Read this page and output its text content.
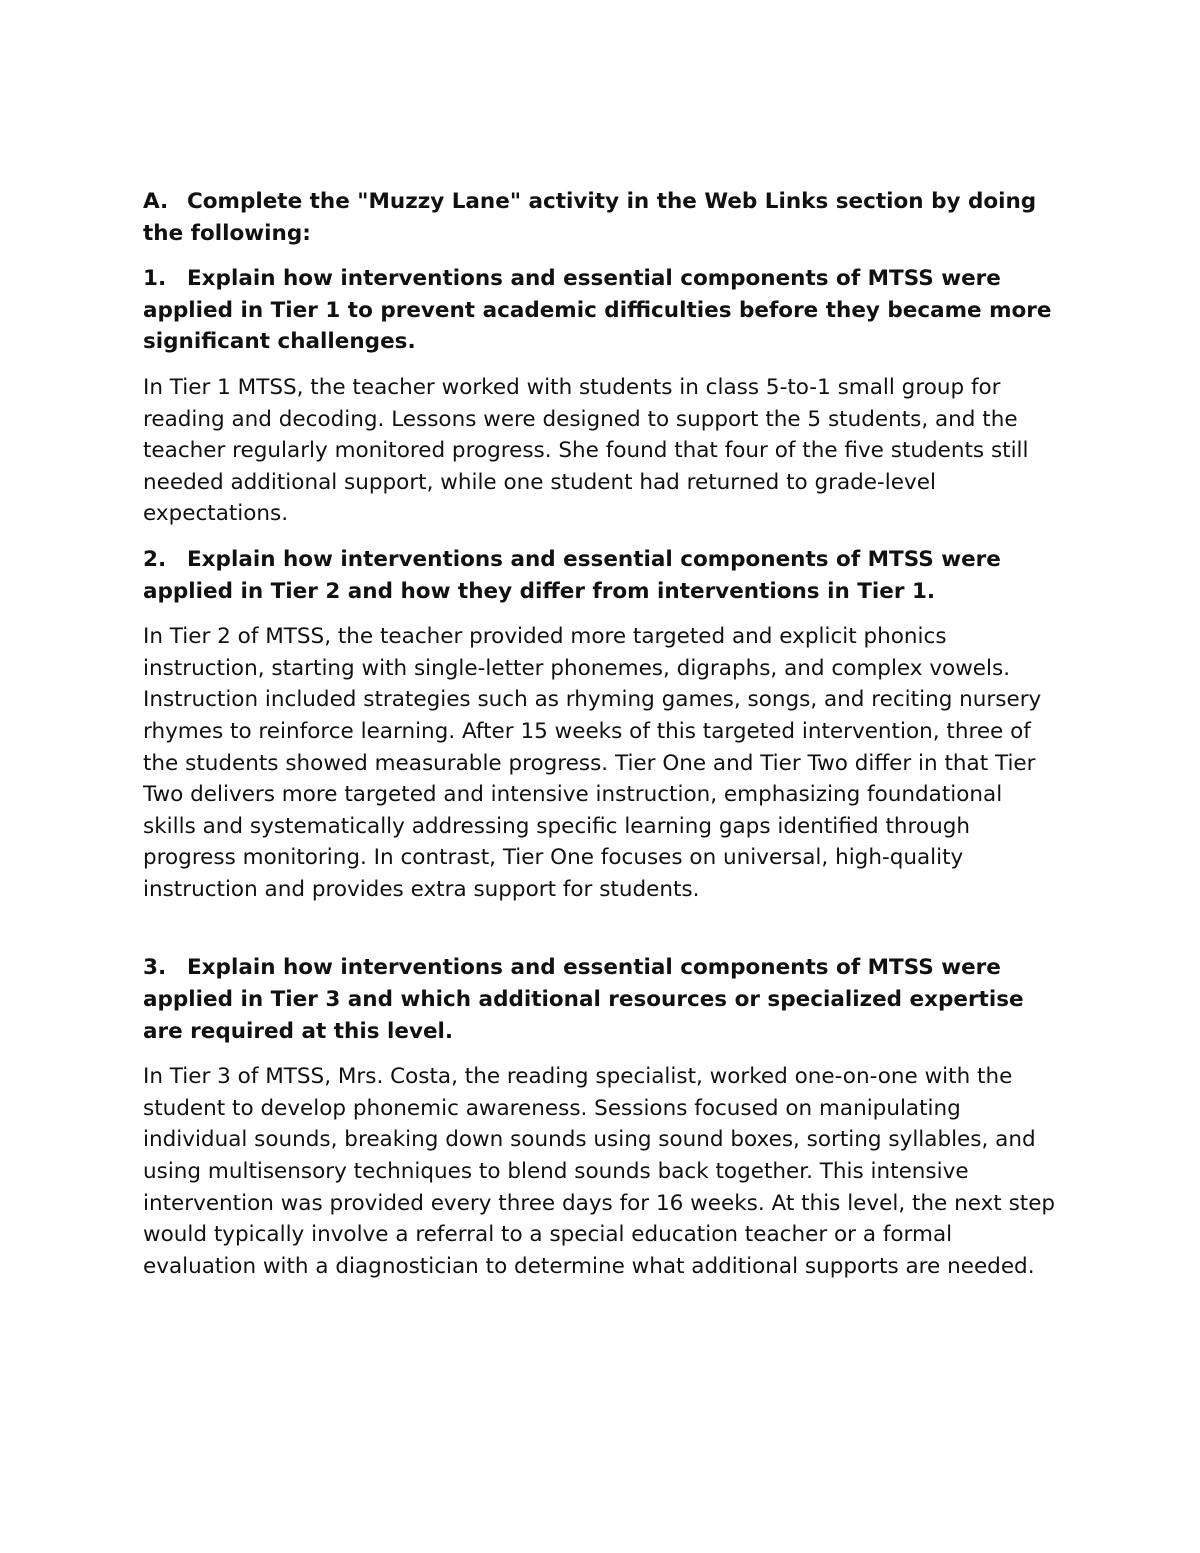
A. Complete the "Muzzy Lane" activity in the Web Links section by doing the following:

1. Explain how interventions and essential components of MTSS were applied in Tier 1 to prevent academic difficulties before they became more significant challenges.

In Tier 1 MTSS, the teacher worked with students in class 5-to-1 small group for reading and decoding. Lessons were designed to support the 5 students, and the teacher regularly monitored progress. She found that four of the five students still needed additional support, while one student had returned to grade-level expectations.

2. Explain how interventions and essential components of MTSS were applied in Tier 2 and how they differ from interventions in Tier 1.

In Tier 2 of MTSS, the teacher provided more targeted and explicit phonics instruction, starting with single-letter phonemes, digraphs, and complex vowels. Instruction included strategies such as rhyming games, songs, and reciting nursery rhymes to reinforce learning. After 15 weeks of this targeted intervention, three of the students showed measurable progress. Tier One and Tier Two differ in that Tier Two delivers more targeted and intensive instruction, emphasizing foundational skills and systematically addressing specific learning gaps identified through progress monitoring. In contrast, Tier One focuses on universal, high-quality instruction and provides extra support for students.

3. Explain how interventions and essential components of MTSS were applied in Tier 3 and which additional resources or specialized expertise are required at this level.

In Tier 3 of MTSS, Mrs. Costa, the reading specialist, worked one-on-one with the student to develop phonemic awareness. Sessions focused on manipulating individual sounds, breaking down sounds using sound boxes, sorting syllables, and using multisensory techniques to blend sounds back together. This intensive intervention was provided every three days for 16 weeks. At this level, the next step would typically involve a referral to a special education teacher or a formal evaluation with a diagnostician to determine what additional supports are needed.
